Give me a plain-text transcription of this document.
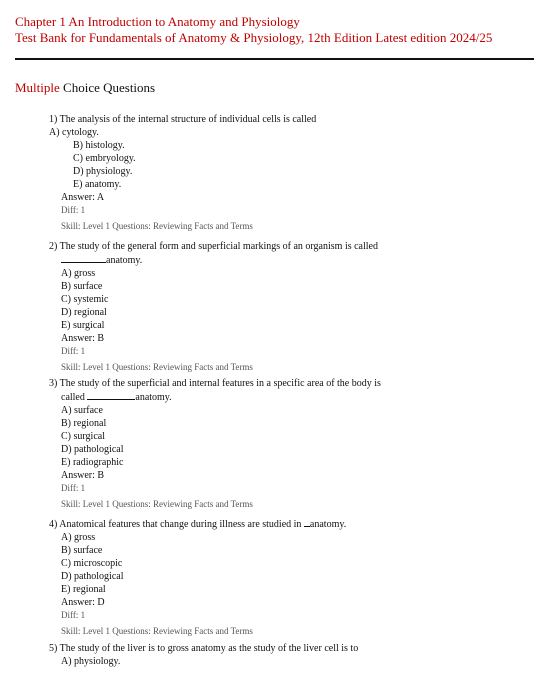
Chapter 1 An Introduction to Anatomy and Physiology
Test Bank for Fundamentals of Anatomy & Physiology, 12th Edition Latest edition 2024/25
Multiple Choice Questions

1) The analysis of the internal structure of individual cells is called

A) cytology.

B) histology.

C) embryology.

D) physiology.

E) anatomy.

Answer: A

Diff: 1

Skill: Level 1 Questions: Reviewing Facts and Terms

2) The study of the general form and superficial markings of an organism is called

anatomy.

A) gross

B) surface

C) systemic

D) regional

E) surgical

Answer: B

Diff: 1

Skill: Level 1 Questions: Reviewing Facts and Terms

3) The study of the superficial and internal features in a specific area of the body is

called	anatomy.

A) surface

B) regional

C) surgical

D) pathological

E) radiographic

Answer: B

Diff: 1

Skill: Level 1 Questions: Reviewing Facts and Terms

4) Anatomical features that change during illness are studied in anatomy.

A) gross

B) surface

C) microscopic

D) pathological

E) regional

Answer: D

Diff: 1

Skill: Level 1 Questions: Reviewing Facts and Terms

5) The study of the liver is to gross anatomy as the study of the liver cell is to

A) physiology.
